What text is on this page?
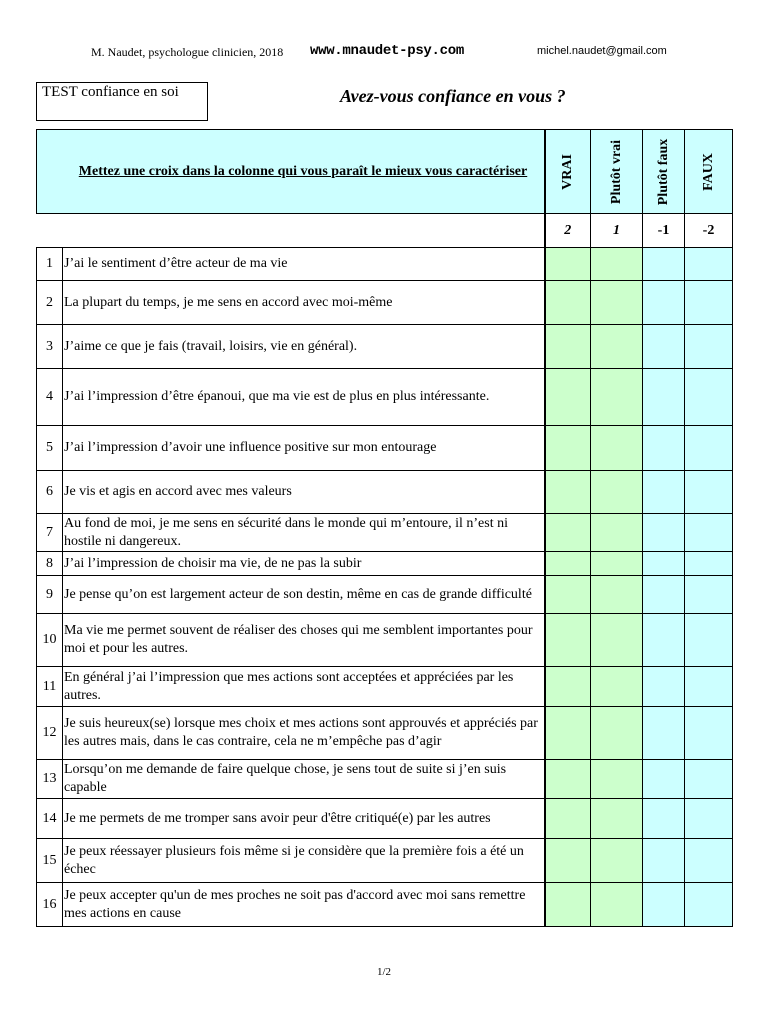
M. Naudet, psychologue clinicien, 2018 www.mnaudet-psy.com	michel.naudet@gmail.com
TEST confiance en soi	Avez-vous confiance en vous ?
	Mettez une croix dans la colonne qui vous paraît le mieux vous caractériser	VRAI	Plutôt vrai	Plutôt faux	FAUX

		2	1	-1	-2
1	J’ai le sentiment d’être acteur de ma vie				
2	La plupart du temps, je me sens en accord avec moi-même				
3	J’aime ce que je fais (travail, loisirs, vie en général).				
4	J’ai l’impression d’être épanoui, que ma vie est de plus en plus intéressante.				
5	J’ai l’impression d’avoir une influence positive sur mon entourage				
6	Je vis et agis en accord avec mes valeurs				
7	Au fond de moi, je me sens en sécurité dans le monde qui m’entoure, il n’est ni hostile ni dangereux.				
8	J’ai l’impression de choisir ma vie, de ne pas la subir				
9	Je pense qu’on est largement acteur de son destin, même en cas de grande difficulté				
10	Ma vie me permet souvent de réaliser des choses qui me semblent importantes pour moi et pour les autres.				
11	En général j’ai l’impression que mes actions sont acceptées et appréciées par les autres.				
12	Je suis heureux(se) lorsque mes choix et mes actions sont approuvés et appréciés par les autres mais, dans le cas contraire, cela ne m’empêche pas d’agir				
13	Lorsqu’on me demande de faire quelque chose, je sens tout de suite si j’en suis capable				
14	Je me permets de me tromper sans avoir peur d'être critiqué(e) par les autres				
15	Je peux réessayer plusieurs fois même si je considère que la première fois a été un échec				
16	Je peux accepter qu'un de mes proches ne soit pas d'accord avec moi sans remettre mes actions en cause				
1/2
